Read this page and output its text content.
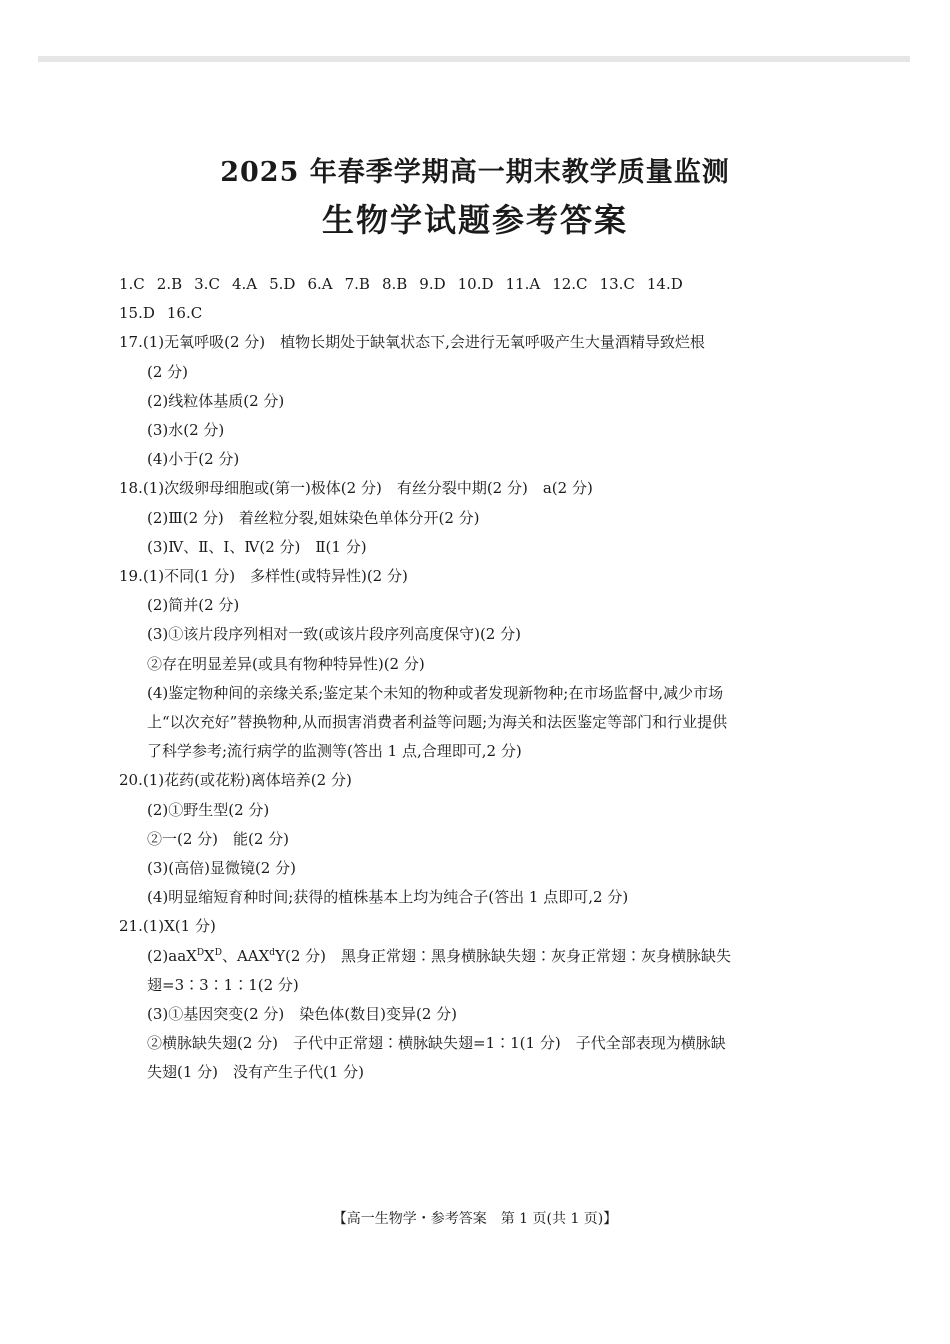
2025 年春季学期高一期末教学质量监测
生物学试题参考答案
1.C 2.B 3.C 4.A 5.D 6.A 7.B 8.B 9.D 10.D 11.A 12.C 13.C 14.D
15.D 16.C
17.(1)无氧呼吸(2 分)　植物长期处于缺氧状态下,会进行无氧呼吸产生大量酒精导致烂根
(2 分)
(2)线粒体基质(2 分)
(3)水(2 分)
(4)小于(2 分)
18.(1)次级卵母细胞或(第一)极体(2 分)　有丝分裂中期(2 分)　a(2 分)
(2)Ⅲ(2 分)　着丝粒分裂,姐妹染色单体分开(2 分)
(3)Ⅳ、Ⅱ、Ⅰ、Ⅳ(2 分)　Ⅱ(1 分)
19.(1)不同(1 分)　多样性(或特异性)(2 分)
(2)简并(2 分)
(3)①该片段序列相对一致(或该片段序列高度保守)(2 分)
②存在明显差异(或具有物种特异性)(2 分)
(4)鉴定物种间的亲缘关系;鉴定某个未知的物种或者发现新物种;在市场监督中,减少市场
上“以次充好”替换物种,从而损害消费者利益等问题;为海关和法医鉴定等部门和行业提供
了科学参考;流行病学的监测等(答出 1 点,合理即可,2 分)
20.(1)花药(或花粉)离体培养(2 分)
(2)①野生型(2 分)
②一(2 分)　能(2 分)
(3)(高倍)显微镜(2 分)
(4)明显缩短育种时间;获得的植株基本上均为纯合子(答出 1 点即可,2 分)
21.(1)X(1 分)
$(2)aaX^DX^D$、AAX$^d$Y(2 分)　黑身正常翅∶黑身横脉缺失翅∶灰身正常翅∶灰身横脉缺失
翅=3∶3∶1∶1(2 分)
(3)①基因突变(2 分)　染色体(数目)变异(2 分)
②横脉缺失翅(2 分)　子代中正常翅∶横脉缺失翅=1∶1(1 分)　子代全部表现为横脉缺
失翅(1 分)　没有产生子代(1 分)
【高一生物学・参考答案　第 1 页(共 1 页)】
